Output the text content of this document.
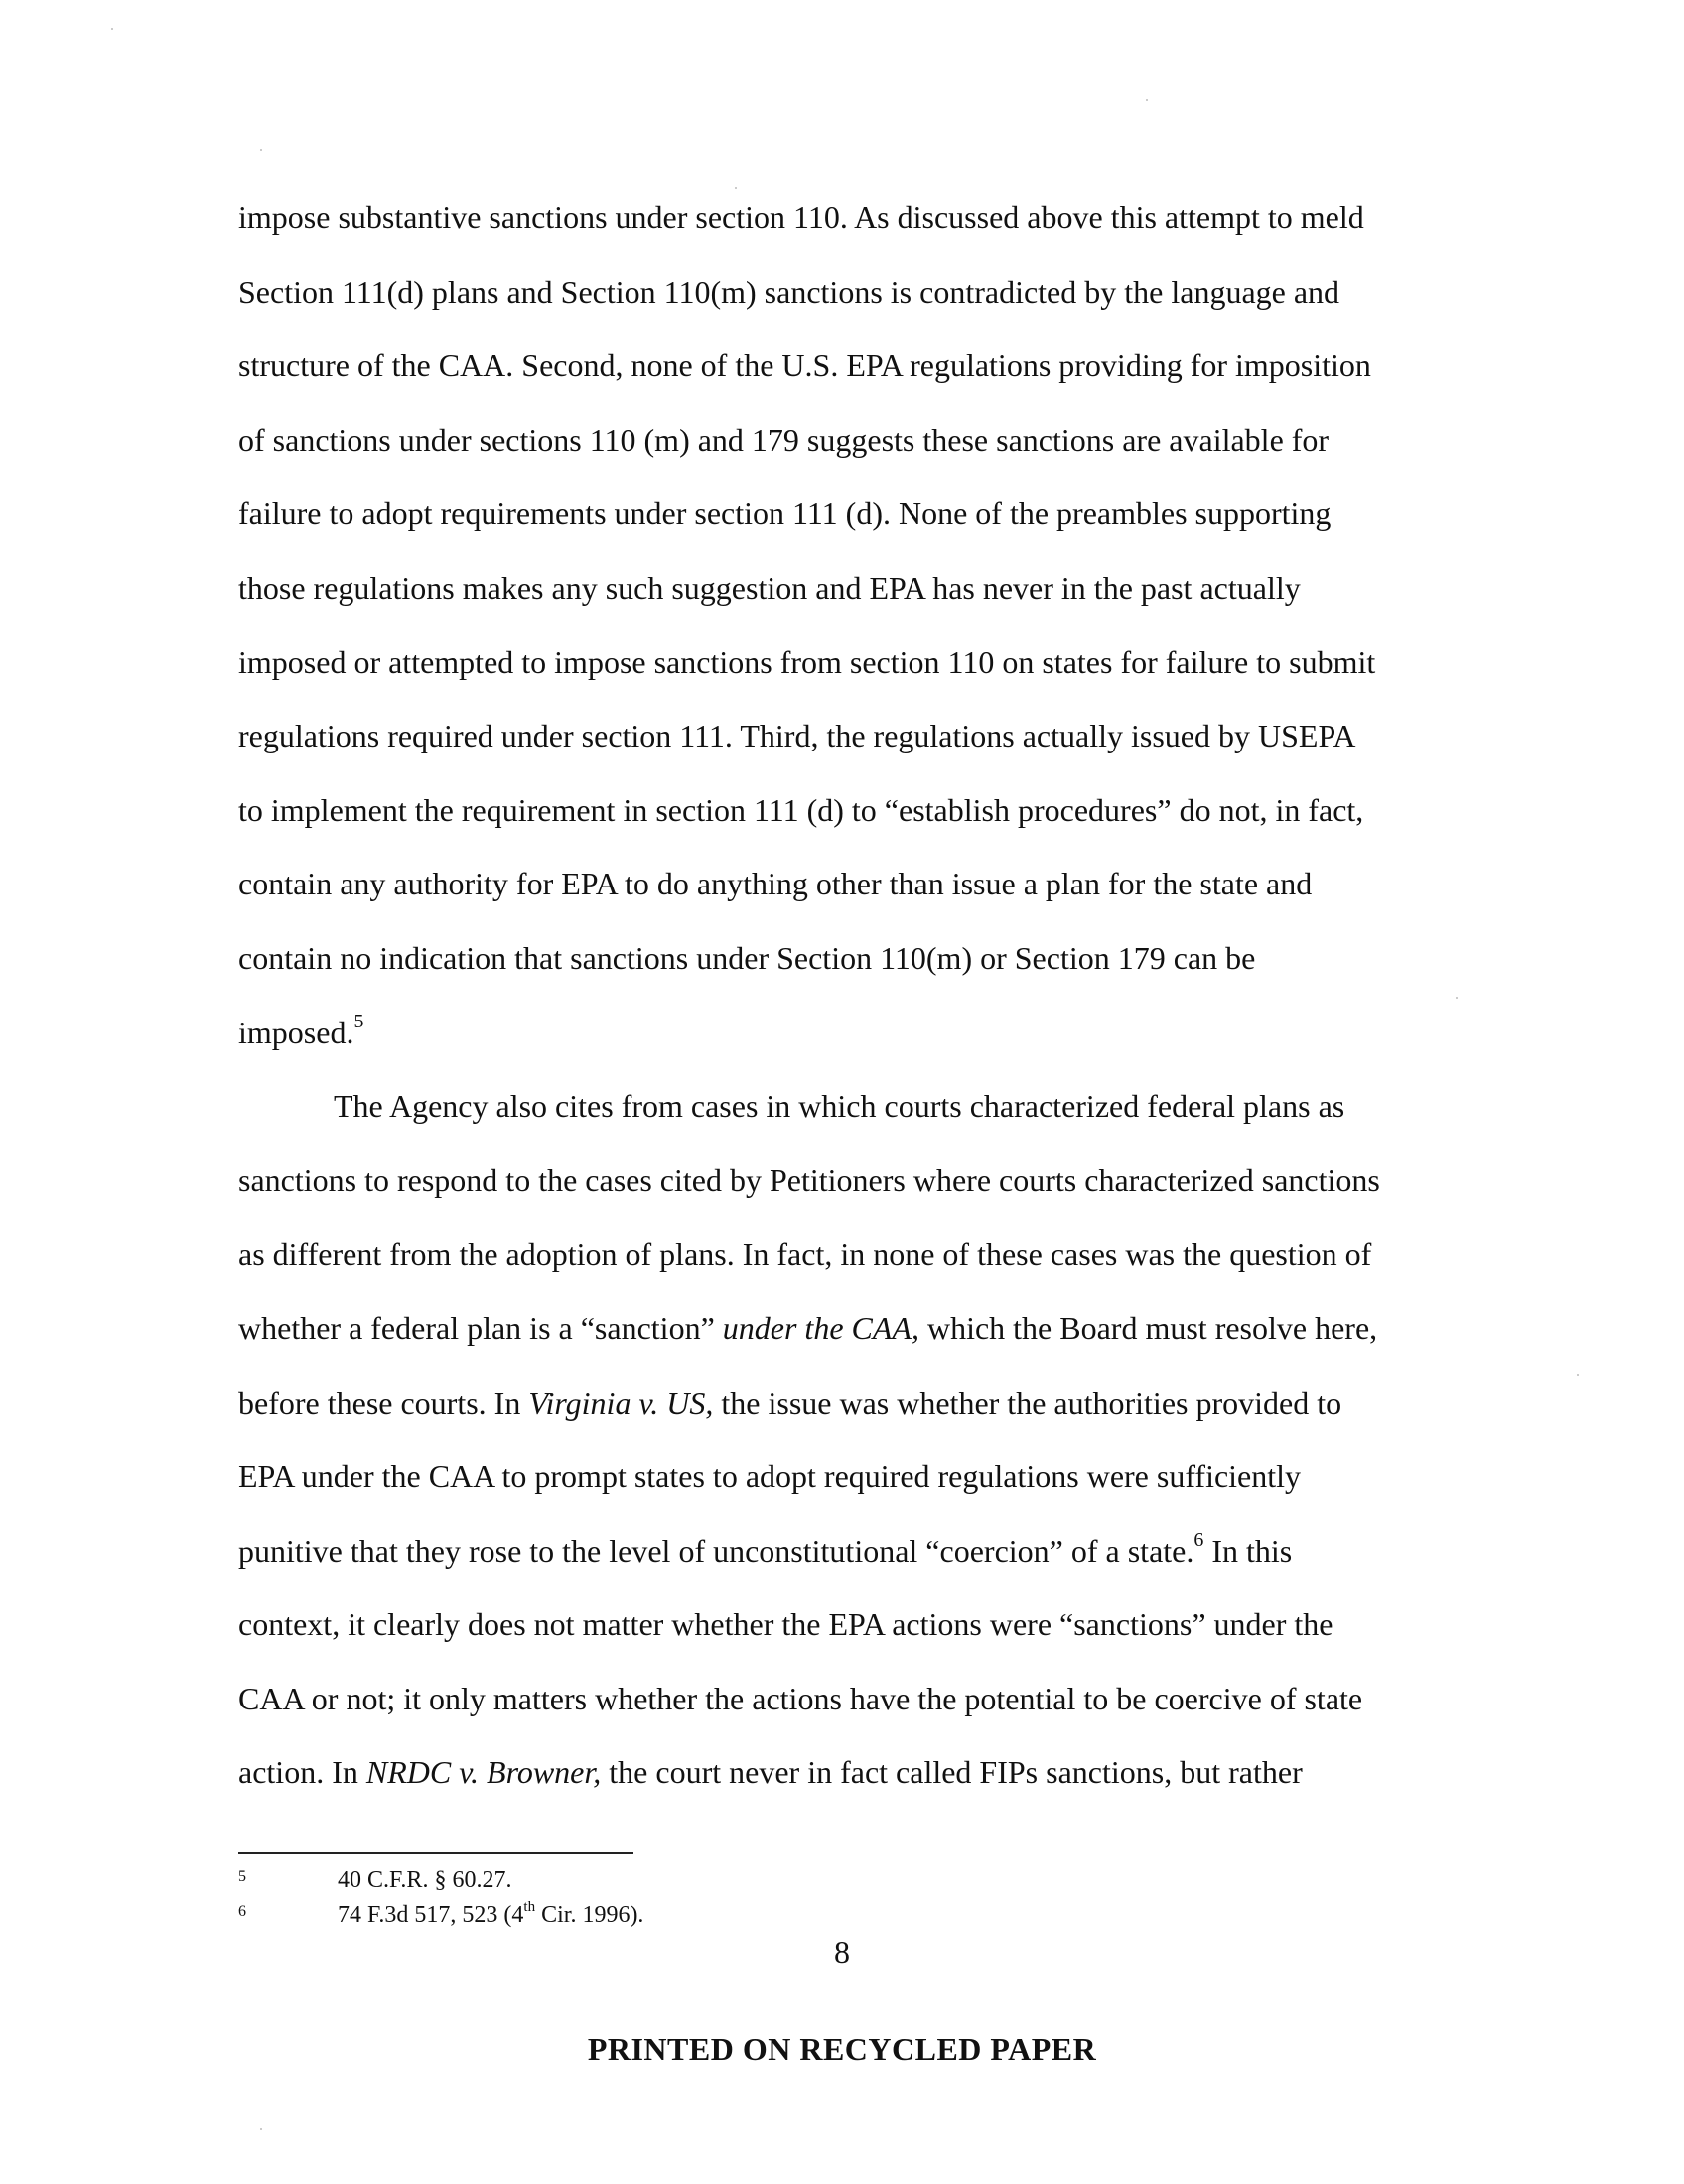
impose substantive sanctions under section 110. As discussed above this attempt to meld
Section 111(d) plans and Section 110(m) sanctions is contradicted by the language and
structure of the CAA. Second, none of the U.S. EPA regulations providing for imposition
of sanctions under sections 110 (m) and 179 suggests these sanctions are available for
failure to adopt requirements under section 111 (d). None of the preambles supporting
those regulations makes any such suggestion and EPA has never in the past actually
imposed or attempted to impose sanctions from section 110 on states for failure to submit
regulations required under section 111. Third, the regulations actually issued by USEPA
to implement the requirement in section 111 (d) to “establish procedures” do not, in fact,
contain any authority for EPA to do anything other than issue a plan for the state and
contain no indication that sanctions under Section 110(m) or Section 179 can be
imposed.$^5$
The Agency also cites from cases in which courts characterized federal plans as
sanctions to respond to the cases cited by Petitioners where courts characterized sanctions
as different from the adoption of plans. In fact, in none of these cases was the question of
whether a federal plan is a “sanction” under the CAA, which the Board must resolve here,
before these courts. In Virginia v. US, the issue was whether the authorities provided to
EPA under the CAA to prompt states to adopt required regulations were sufficiently
punitive that they rose to the level of unconstitutional “coercion” of a state.$^6$ In this
context, it clearly does not matter whether the EPA actions were “sanctions” under the
CAA or not; it only matters whether the actions have the potential to be coercive of state
action. In NRDC v. Browner, the court never in fact called FIPs sanctions, but rather
5	40 C.F.R. § 60.27.
6	74 F.3d 517, 523 (4th Cir. 1996).
8
PRINTED ON RECYCLED PAPER
